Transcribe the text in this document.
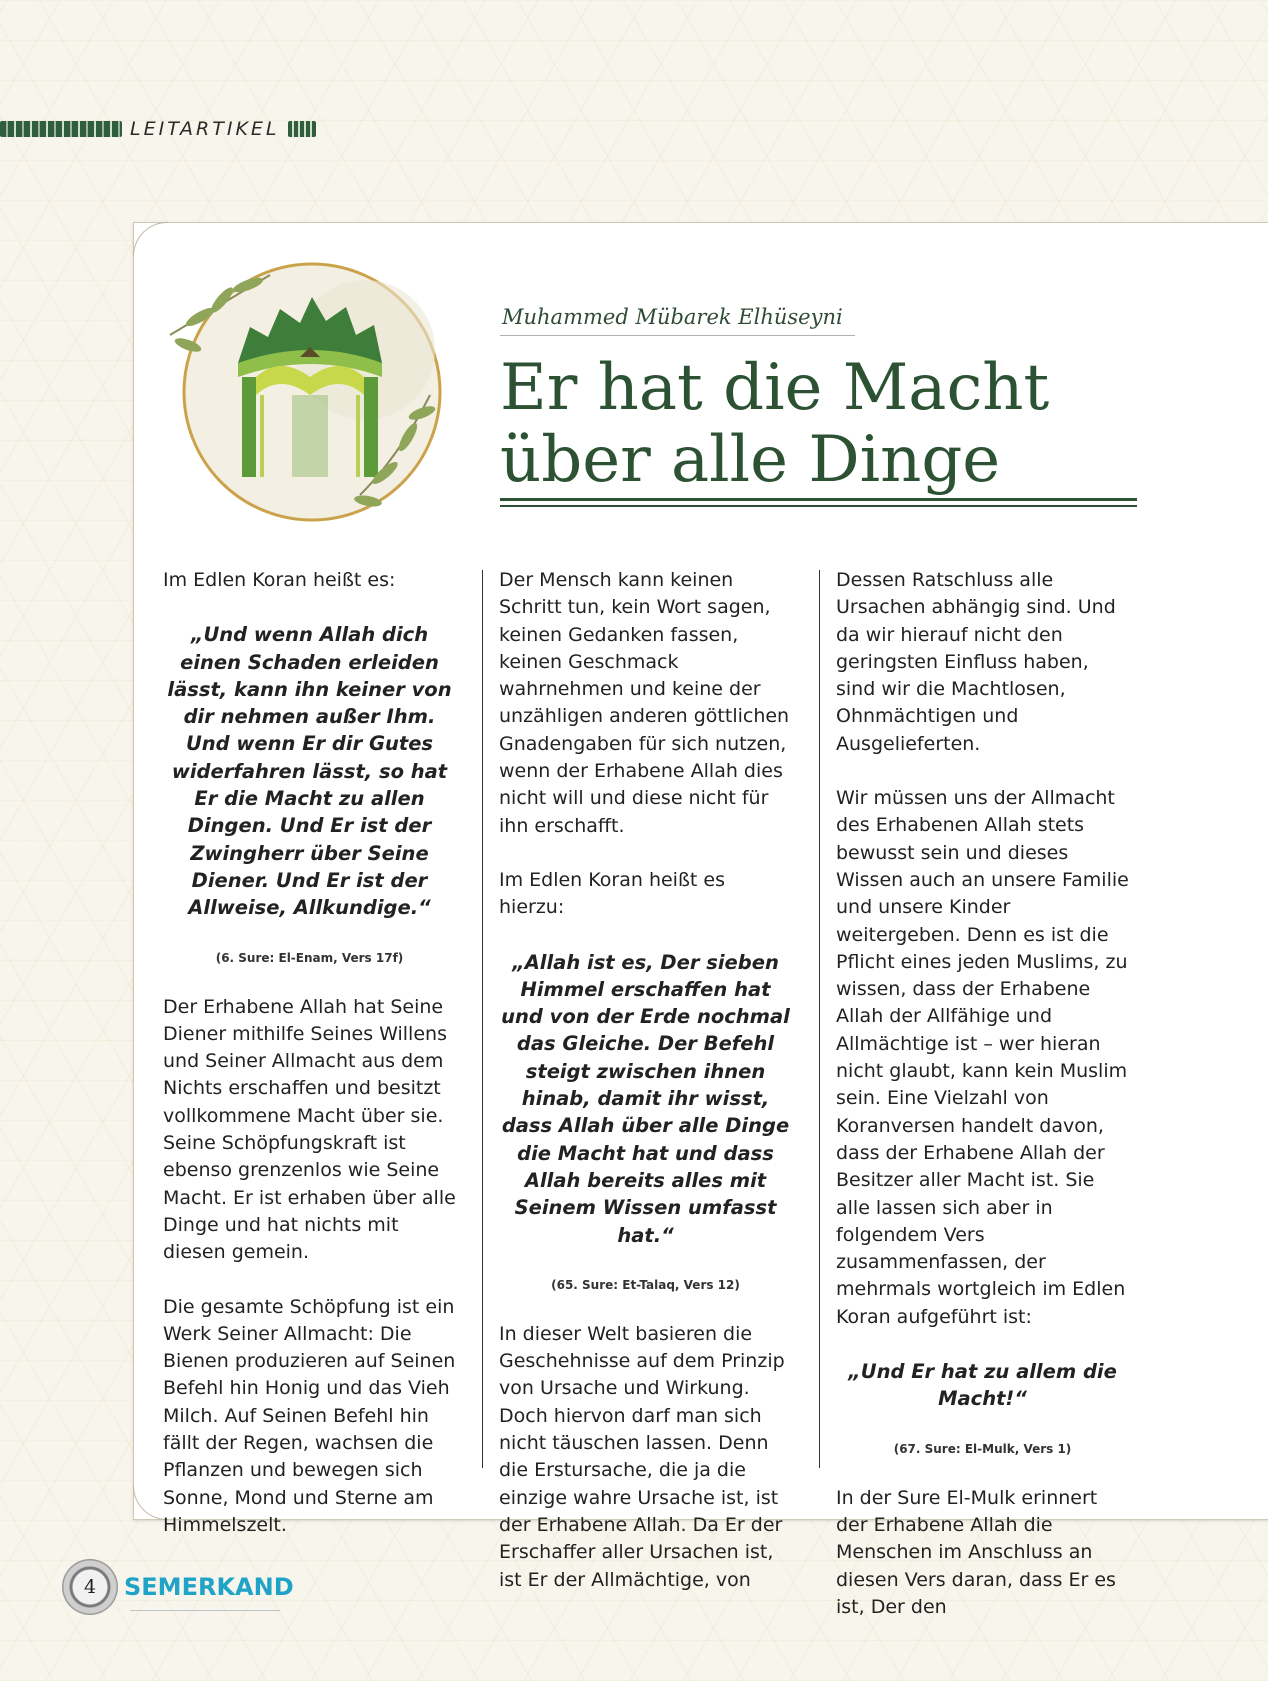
LEITARTIKEL
Muhammed Mübarek Elhüseyni
Er hat die Macht über alle Dinge

Im Edlen Koran heißt es:

„Und wenn Allah dich einen Schaden erleiden lässt, kann ihn keiner von dir nehmen außer Ihm. Und wenn Er dir Gutes widerfahren lässt, so hat Er die Macht zu allen Dingen. Und Er ist der Zwingherr über Seine Diener. Und Er ist der Allweise, Allkundige.“

(6. Sure: El-Enam, Vers 17f)

Der Erhabene Allah hat Seine Diener mithilfe Seines Willens und Seiner Allmacht aus dem Nichts erschaffen und besitzt vollkommene Macht über sie. Seine Schöpfungskraft ist ebenso grenzenlos wie Seine Macht. Er ist erhaben über alle Dinge und hat nichts mit diesen gemein.

Die gesamte Schöpfung ist ein Werk Seiner Allmacht: Die Bienen produzieren auf Seinen Befehl hin Honig und das Vieh Milch. Auf Seinen Befehl hin fällt der Regen, wachsen die Pflanzen und bewegen sich Sonne, Mond und Sterne am Himmelszelt.

Der Mensch kann keinen Schritt tun, kein Wort sagen, keinen Gedanken fassen, keinen Geschmack wahrnehmen und keine der unzähligen anderen göttlichen Gnadengaben für sich nutzen, wenn der Erhabene Allah dies nicht will und diese nicht für ihn erschafft.

Im Edlen Koran heißt es hierzu:

„Allah ist es, Der sieben Himmel erschaffen hat und von der Erde nochmal das Gleiche. Der Befehl steigt zwischen ihnen hinab, damit ihr wisst, dass Allah über alle Dinge die Macht hat und dass Allah bereits alles mit Seinem Wissen umfasst hat.“

(65. Sure: Et-Talaq, Vers 12)

In dieser Welt basieren die Geschehnisse auf dem Prinzip von Ursache und Wirkung. Doch hiervon darf man sich nicht täuschen lassen. Denn die Erstursache, die ja die einzige wahre Ursache ist, ist der Erhabene Allah. Da Er der Erschaffer aller Ursachen ist, ist Er der Allmächtige, von

Dessen Ratschluss alle Ursachen abhängig sind. Und da wir hierauf nicht den geringsten Einfluss haben, sind wir die Machtlosen, Ohnmächtigen und Ausgelieferten.

Wir müssen uns der Allmacht des Erhabenen Allah stets bewusst sein und dieses Wissen auch an unsere Familie und unsere Kinder weitergeben. Denn es ist die Pflicht eines jeden Muslims, zu wissen, dass der Erhabene Allah der Allfähige und Allmächtige ist – wer hieran nicht glaubt, kann kein Muslim sein. Eine Vielzahl von Koranversen handelt davon, dass der Erhabene Allah der Besitzer aller Macht ist. Sie alle lassen sich aber in folgendem Vers zusammenfassen, der mehrmals wortgleich im Edlen Koran aufgeführt ist:

„Und Er hat zu allem die Macht!“

(67. Sure: El-Mulk, Vers 1)

In der Sure El-Mulk erinnert der Erhabene Allah die Menschen im Anschluss an diesen Vers daran, dass Er es ist, Der den

4	SEMERKAND
